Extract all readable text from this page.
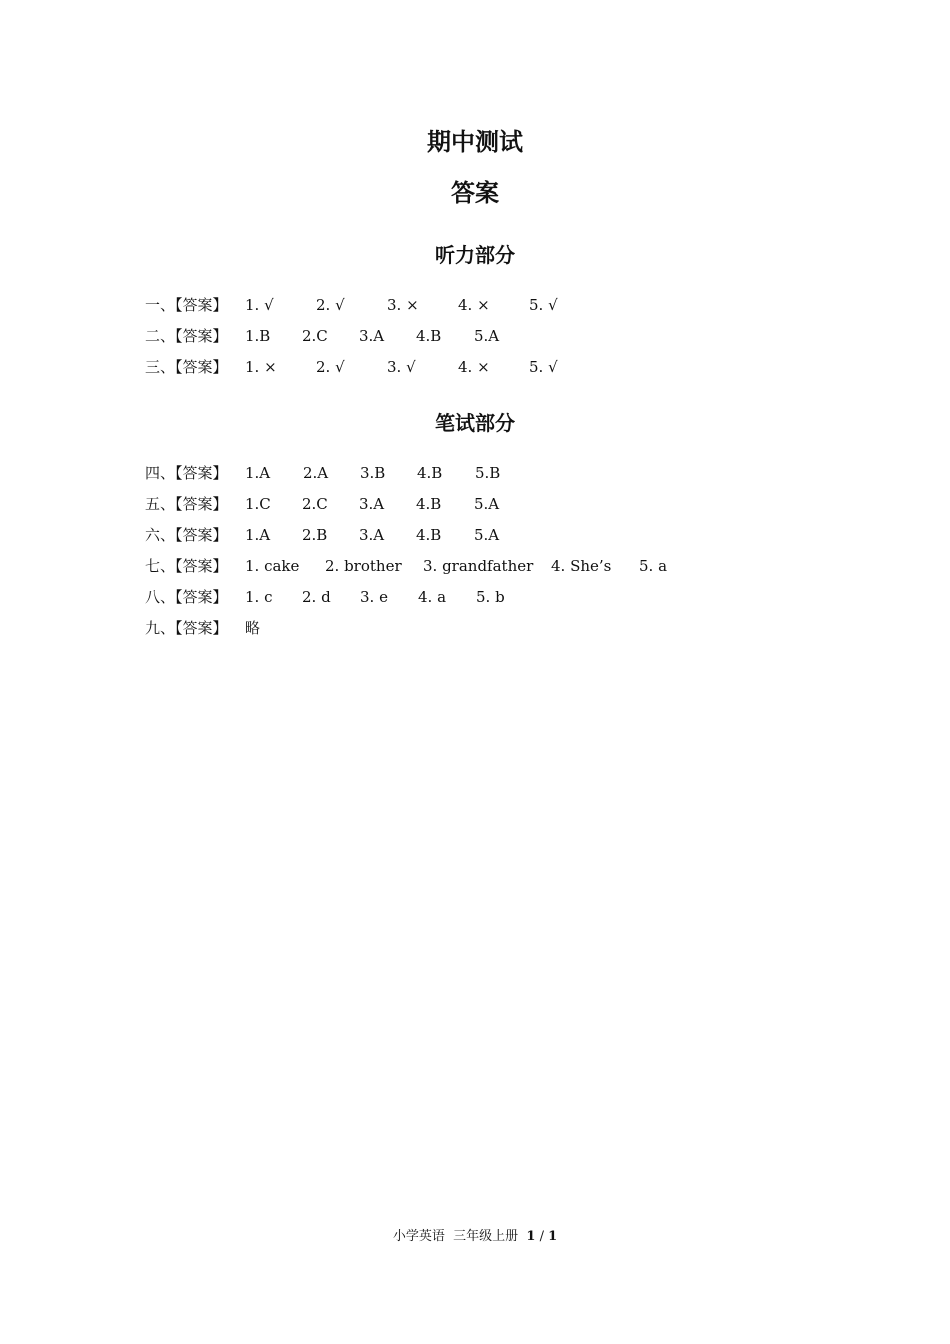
期中测试
答案
听力部分
一、【答案】 1. √	2. √	3. ×	4. ×	5. √
二、【答案】 1.B 2.C 3.A 4.B 5.A
三、【答案】 1. ×	2. √	3. √	4. ×	5. √
笔试部分
四、【答案】 1.A 2.A 3.B 4.B 5.B
五、【答案】 1.C 2.C 3.A 4.B 5.A
六、【答案】 1.A 2.B 3.A 4.B 5.A
七、【答案】 1. cake 2. brother 3. grandfather 4. She’s 5. a
八、【答案】 1. c 2. d 3. e 4. a 5. b
九、【答案】 略
小学英语 三年级上册 1 / 1
